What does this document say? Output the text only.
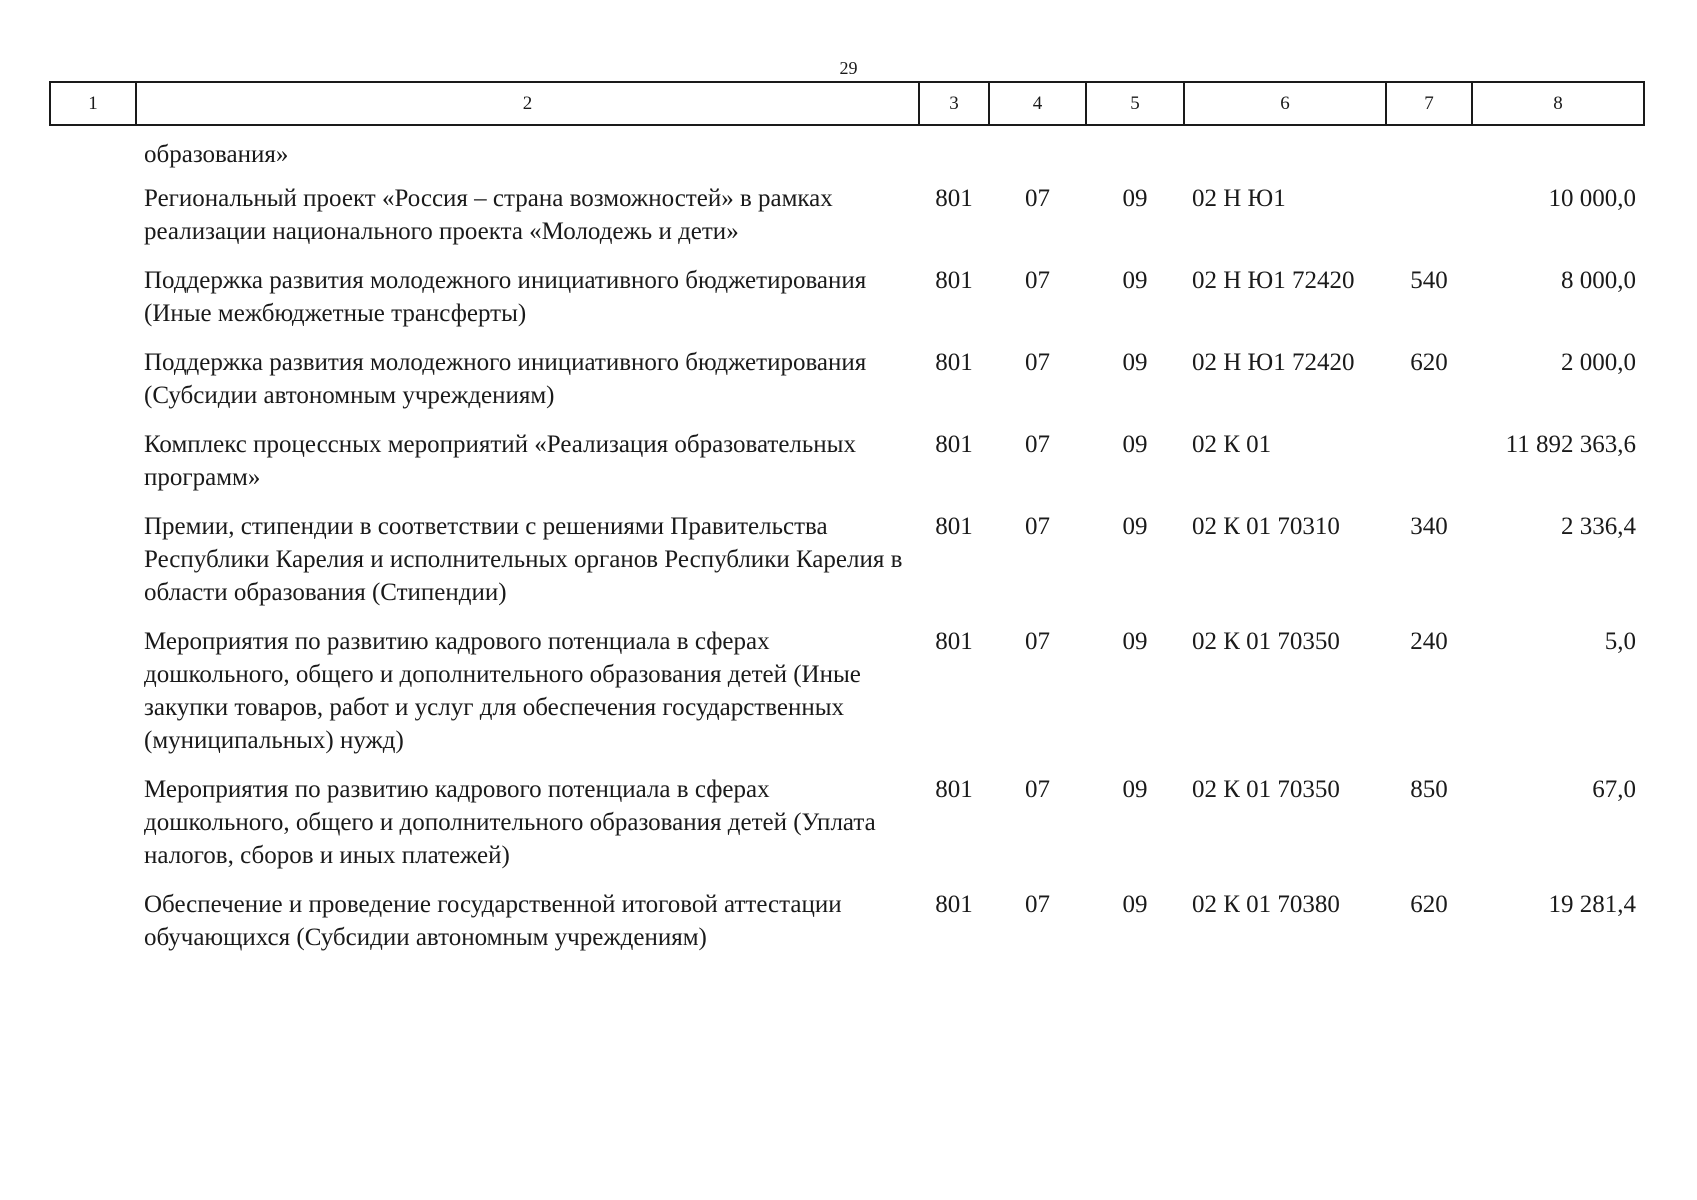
29
1	2	3	4	5	6	7	8
образования»							
Региональный проект «Россия – страна возможностей» в рамках реализации национального проекта «Молодежь и дети»		801	07	09	02 Н Ю1		10 000,0
Поддержка развития молодежного инициативного бюджетирования (Иные межбюджетные трансферты)		801	07	09	02 Н Ю1 72420	540	8 000,0
Поддержка развития молодежного инициативного бюджетирования (Субсидии автономным учреждениям)		801	07	09	02 Н Ю1 72420	620	2 000,0
Комплекс процессных мероприятий «Реализация образовательных программ»		801	07	09	02 К 01		11 892 363,6
Премии, стипендии в соответствии с решениями Правительства Республики Карелия и исполнительных органов Республики Карелия в области образования (Стипендии)		801	07	09	02 К 01 70310	340	2 336,4
Мероприятия по развитию кадрового потенциала в сферах дошкольного, общего и дополнительного образования детей (Иные закупки товаров, работ и услуг для обеспечения государственных (муниципальных) нужд)		801	07	09	02 К 01 70350	240	5,0
Мероприятия по развитию кадрового потенциала в сферах дошкольного, общего и дополнительного образования детей (Уплата налогов, сборов и иных платежей)		801	07	09	02 К 01 70350	850	67,0
Обеспечение и проведение государственной итоговой аттестации обучающихся (Субсидии автономным учреждениям)		801	07	09	02 К 01 70380	620	19 281,4
